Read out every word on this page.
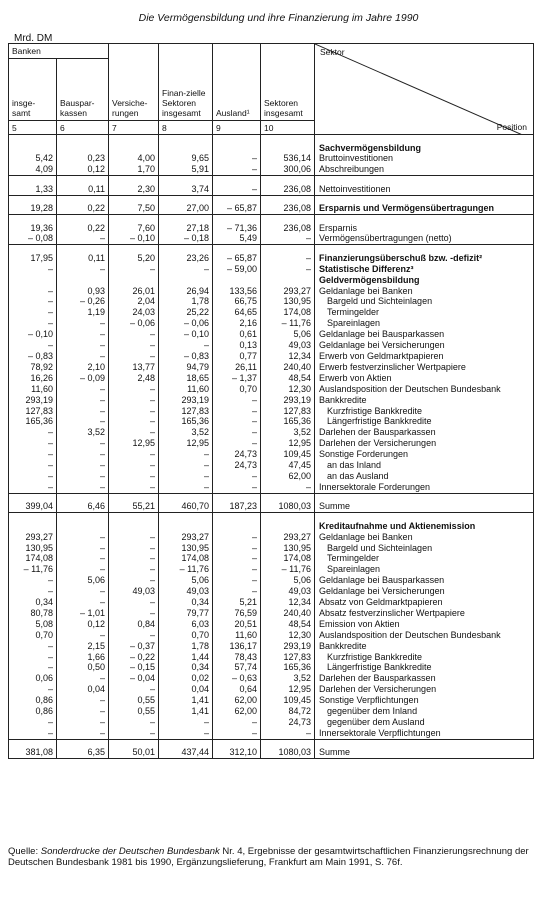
Die Vermögensbildung und ihre Finanzierung im Jahre 1990
Mrd. DM
Banken		Versiche-rungen	Finan-zielle Sektoren insgesamt	Ausland¹	Sektoren insgesamt	Sektor
Position

insge-samt	Bauspar-kassen					
5	6	7	8	9	10	

						Sachvermögensbildung
5,42	0,23	4,00	9,65	–	536,14	Bruttoinvestitionen
4,09	0,12	1,70	5,91	–	300,06	Abschreibungen

1,33	0,11	2,30	3,74	–	236,08	Nettoinvestitionen

19,28	0,22	7,50	27,00	– 65,87	236,08	Ersparnis und Vermögensübertragungen

19,36	0,22	7,60	27,18	– 71,36	236,08	Ersparnis
– 0,08	–	– 0,10	– 0,18	5,49	–	Vermögensübertragungen (netto)

17,95	0,11	5,20	23,26	– 65,87	–	Finanzierungsüberschuß bzw. -defizit²
–	–	–	–	– 59,00	–	Statistische Differenz³
						Geldvermögensbildung
–	0,93	26,01	26,94	133,56	293,27	Geldanlage bei Banken
–	– 0,26	2,04	1,78	66,75	130,95	Bargeld und Sichteinlagen
–	1,19	24,03	25,22	64,65	174,08	Termingelder
–	–	– 0,06	– 0,06	2,16	– 11,76	Spareinlagen
– 0,10	–	–	– 0,10	0,61	5,06	Geldanlage bei Bausparkassen
–	–	–	–	0,13	49,03	Geldanlage bei Versicherungen
– 0,83	–	–	– 0,83	0,77	12,34	Erwerb von Geldmarktpapieren
78,92	2,10	13,77	94,79	26,11	240,40	Erwerb festverzinslicher Wertpapiere
16,26	– 0,09	2,48	18,65	– 1,37	48,54	Erwerb von Aktien
11,60	–	–	11,60	0,70	12,30	Auslandsposition der Deutschen Bundesbank
293,19	–	–	293,19	–	293,19	Bankkredite
127,83	–	–	127,83	–	127,83	Kurzfristige Bankkredite
165,36	–	–	165,36	–	165,36	Längerfristige Bankkredite
–	3,52	–	3,52	–	3,52	Darlehen der Bausparkassen
–	–	12,95	12,95	–	12,95	Darlehen der Versicherungen
–	–	–	–	24,73	109,45	Sonstige Forderungen
–	–	–	–	24,73	47,45	an das Inland
–	–	–	–	–	62,00	an das Ausland
–	–	–	–	–	–	Innersektorale Forderungen

399,04	6,46	55,21	460,70	187,23	1080,03	Summe

						Kreditaufnahme und Aktienemission
293,27	–	–	293,27	–	293,27	Geldanlage bei Banken
130,95	–	–	130,95	–	130,95	Bargeld und Sichteinlagen
174,08	–	–	174,08	–	174,08	Termingelder
– 11,76	–	–	– 11,76	–	– 11,76	Spareinlagen
–	5,06	–	5,06	–	5,06	Geldanlage bei Bausparkassen
–	–	49,03	49,03	–	49,03	Geldanlage bei Versicherungen
0,34	–	–	0,34	5,21	12,34	Absatz von Geldmarktpapieren
80,78	– 1,01	–	79,77	76,59	240,40	Absatz festverzinslicher Wertpapiere
5,08	0,12	0,84	6,03	20,51	48,54	Emission von Aktien
0,70	–	–	0,70	11,60	12,30	Auslandsposition der Deutschen Bundesbank
–	2,15	– 0,37	1,78	136,17	293,19	Bankkredite
–	1,66	– 0,22	1,44	78,43	127,83	Kurzfristige Bankkredite
–	0,50	– 0,15	0,34	57,74	165,36	Längerfristige Bankkredite
0,06	–	– 0,04	0,02	– 0,63	3,52	Darlehen der Bausparkassen
–	0,04	–	0,04	0,64	12,95	Darlehen der Versicherungen
0,86	–	0,55	1,41	62,00	109,45	Sonstige Verpflichtungen
0,86	–	0,55	1,41	62,00	84,72	gegenüber dem Inland
–	–	–	–	–	24,73	gegenüber dem Ausland
–	–	–	–	–	–	Innersektorale Verpflichtungen

381,08	6,35	50,01	437,44	312,10	1080,03	Summe
Quelle: Sonderdrucke der Deutschen Bundesbank Nr. 4, Ergebnisse der gesamtwirtschaftlichen Finanzierungsrechnung der Deutschen Bundesbank 1981 bis 1990, Ergänzungslieferung, Frankfurt am Main 1991, S. 76f.
